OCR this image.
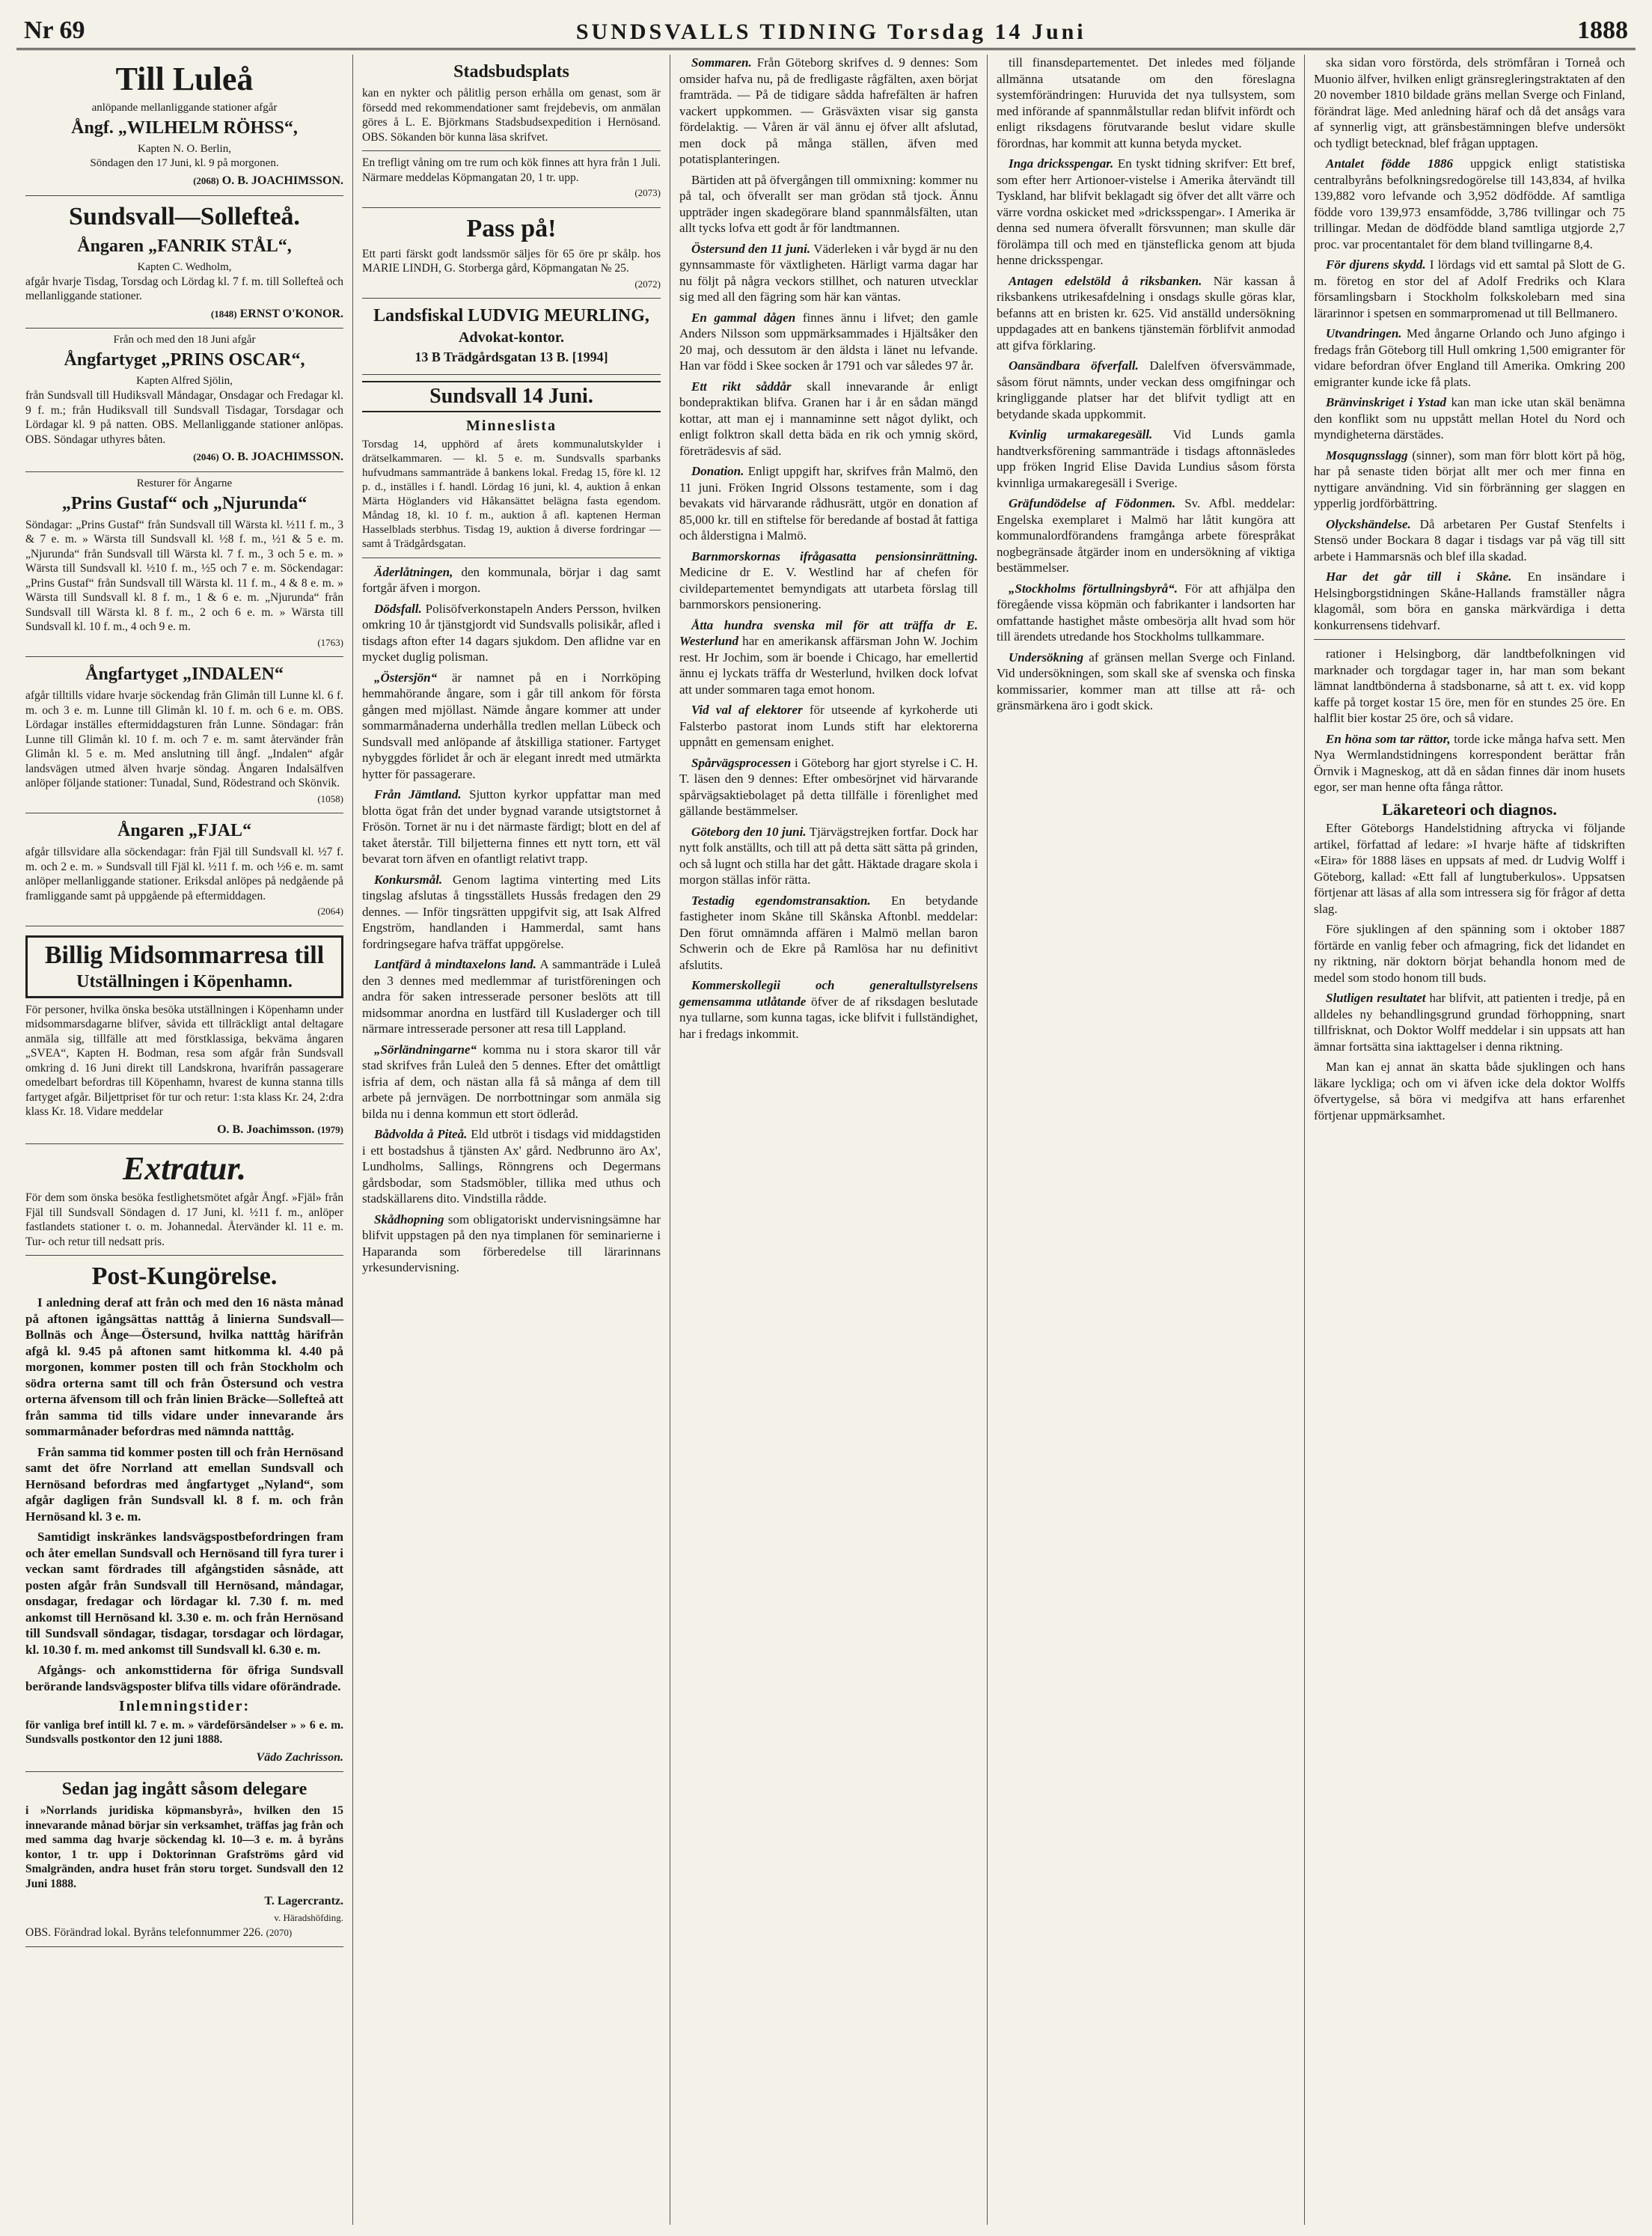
Nr 69	SUNDSVALLS TIDNING Torsdag 14 Juni	1888
Till Luleå
anlöpande mellanliggande stationer afgår
Ångf. „WILHELM RÖHSS“,
Kapten N. O. Berlin,
Söndagen den 17 Juni, kl. 9 på morgonen.
(2068) O. B. JOACHIMSSON.
Sundsvall—Sollefteå.
Ångaren „FANRIK STÅL“,
Kapten C. Wedholm,
afgår hvarje Tisdag, Torsdag och Lördag kl. 7 f. m. till Sollefteå och mellanliggande stationer.
(1848) ERNST O'KONOR.
Från och med den 18 Juni afgår
Ångfartyget „PRINS OSCAR“,
Kapten Alfred Sjölin,
från Sundsvall till Hudiksvall Måndagar, Onsdagar och Fredagar kl. 9 f. m.; från Hudiksvall till Sundsvall Tisdagar, Torsdagar och Lördagar kl. 9 på natten. OBS. Mellanliggande stationer anlöpas. OBS. Söndagar uthyres båten.
(2046) O. B. JOACHIMSSON.
Resturer för Ångarne
„Prins Gustaf“ och „Njurunda“
Söndagar: „Prins Gustaf“ från Sundsvall till Wärsta kl. ½11 f. m., 3 & 7 e. m. » Wärsta till Sundsvall kl. ½8 f. m., ½1 & 5 e. m. „Njurunda“ från Sundsvall till Wärsta kl. 7 f. m., 3 och 5 e. m. » Wärsta till Sundsvall kl. ½10 f. m., ½5 och 7 e. m. Söckendagar: „Prins Gustaf“ från Sundsvall till Wärsta kl. 11 f. m., 4 & 8 e. m. » Wärsta till Sundsvall kl. 8 f. m., 1 & 6 e. m. „Njurunda“ från Sundsvall till Wärsta kl. 8 f. m., 2 och 6 e. m. » Wärsta till Sundsvall kl. 10 f. m., 4 och 9 e. m.
(1763)
Ångfartyget „INDALEN“
afgår tilltills vidare hvarje söckendag från Glimån till Lunne kl. 6 f. m. och 3 e. m. Lunne till Glimån kl. 10 f. m. och 6 e. m. OBS. Lördagar inställes eftermiddagsturen från Lunne. Söndagar: från Lunne till Glimån kl. 10 f. m. och 7 e. m. samt återvänder från Glimån kl. 5 e. m. Med anslutning till ångf. „Indalen“ afgår landsvägen utmed älven hvarje söndag. Ångaren Indalsälfven anlöper följande stationer: Tunadal, Sund, Rödestrand och Skönvik.
(1058)
Ångaren „FJAL“
afgår tillsvidare alla söckendagar: från Fjäl till Sundsvall kl. ½7 f. m. och 2 e. m. » Sundsvall till Fjäl kl. ½11 f. m. och ½6 e. m. samt anlöper mellanliggande stationer. Eriksdal anlöpes på nedgående på framliggande samt på uppgående på eftermiddagen.
(2064)
Billig Midsommarresa till
Utställningen i Köpenhamn.
För personer, hvilka önska besöka utställningen i Köpenhamn under midsommarsdagarne blifver, såvida ett tillräckligt antal deltagare anmäla sig, tillfälle att med förstklassiga, bekväma ångaren „SVEA“, Kapten H. Bodman, resa som afgår från Sundsvall omkring d. 16 Juni direkt till Landskrona, hvarifrån passagerare omedelbart befordras till Köpenhamn, hvarest de kunna stanna tills fartyget afgår. Biljettpriset för tur och retur: 1:sta klass Kr. 24, 2:dra klass Kr. 18. Vidare meddelar
O. B. Joachimsson. (1979)
Extratur.
För dem som önska besöka festlighetsmötet afgår Ångf. »Fjäl» från Fjäl till Sundsvall Söndagen d. 17 Juni, kl. ½11 f. m., anlöper fastlandets stationer t. o. m. Johannedal. Återvänder kl. 11 e. m. Tur- och retur till nedsatt pris.
Post-Kungörelse.

I anledning deraf att från och med den 16 nästa månad på aftonen igångsättas natttåg å linierna Sundsvall—Bollnäs och Ånge—Östersund, hvilka natttåg härifrån afgå kl. 9.45 på aftonen samt hitkomma kl. 4.40 på morgonen, kommer posten till och från Stockholm och södra orterna samt till och från Östersund och vestra orterna äfvensom till och från linien Bräcke—Sollefteå att från samma tid tills vidare under innevarande års sommarmånader befordras med nämnda natttåg.

Från samma tid kommer posten till och från Hernösand samt det öfre Norrland att emellan Sundsvall och Hernösand befordras med ångfartyget „Nyland“, som afgår dagligen från Sundsvall kl. 8 f. m. och från Hernösand kl. 3 e. m.

Samtidigt inskränkes landsvägspostbefordringen fram och åter emellan Sundsvall och Hernösand till fyra turer i veckan samt fördrades till afgångstiden såsnåde, att posten afgår från Sundsvall till Hernösand, måndagar, onsdagar, fredagar och lördagar kl. 7.30 f. m. med ankomst till Hernösand kl. 3.30 e. m. och från Hernösand till Sundsvall söndagar, tisdagar, torsdagar och lördagar, kl. 10.30 f. m. med ankomst till Sundsvall kl. 6.30 e. m.

Afgångs- och ankomsttiderna för öfriga Sundsvall berörande landsvägsposter blifva tills vidare oförändrade.

Inlemningstider:
för vanliga bref intill kl. 7 e. m. » värdeförsändelser » » 6 e. m. Sundsvalls postkontor den 12 juni 1888.
Vädo Zachrisson.
Sedan jag ingått såsom delegare
i »Norrlands juridiska köpmansbyrå», hvilken den 15 innevarande månad börjar sin verksamhet, träffas jag från och med samma dag hvarje söckendag kl. 10—3 e. m. å byråns kontor, 1 tr. upp i Doktorinnan Grafströms gård vid Smalgränden, andra huset från storu torget. Sundsvall den 12 Juni 1888.
T. Lagercrantz.
v. Häradshöfding.
OBS. Förändrad lokal. Byråns telefonnummer 226. (2070)
Stadsbudsplats
kan en nykter och pålitlig person erhålla om genast, som är försedd med rekommendationer samt frejdebevis, om anmälan göres å L. E. Björkmans Stadsbudsexpedition i Hernösand. OBS. Sökanden bör kunna läsa skrifvet.
En trefligt våning om tre rum och kök finnes att hyra från 1 Juli. Närmare meddelas Köpmangatan 20, 1 tr. upp.
(2073)
Pass på!
Ett parti färskt godt landssmör säljes för 65 öre pr skålp. hos MARIE LINDH, G. Storberga gård, Köpmangatan № 25.
(2072)
Landsfiskal LUDVIG MEURLING,
Advokat-kontor.
13 B Trädgårdsgatan 13 B. [1994]
Sundsvall 14 Juni.
Minneslista
Torsdag 14, upphörd af årets kommunalutskylder i drätselkammaren. — kl. 5 e. m. Sundsvalls sparbanks hufvudmans sammanträde å bankens lokal. Fredag 15, före kl. 12 p. d., inställes i f. handl. Lördag 16 juni, kl. 4, auktion å enkan Märta Höglanders vid Håkansättet belägna fasta egendom. Måndag 18, kl. 10 f. m., auktion å afl. kaptenen Herman Hasselblads sterbhus. Tisdag 19, auktion å diverse fordringar — samt å Trädgårdsgatan.

Äderlåtningen, den kommunala, börjar i dag samt fortgår äfven i morgon.

Dödsfall. Polisöfverkonstapeln Anders Persson, hvilken omkring 10 år tjänstgjordt vid Sundsvalls polisikår, afled i tisdags afton efter 14 dagars sjukdom. Den aflidne var en mycket duglig polisman.

„Östersjön“ är namnet på en i Norrköping hemmahörande ångare, som i går till ankom för första gången med mjöllast. Nämde ångare kommer att under sommarmånaderna underhålla tredlen mellan Lübeck och Sundsvall med anlöpande af åtskilliga stationer. Fartyget nybyggdes förlidet år och är elegant inredt med utmärkta hytter för passagerare.

Från Jämtland. Sjutton kyrkor uppfattar man med blotta ögat från det under bygnad varande utsigtstornet å Frösön. Tornet är nu i det närmaste färdigt; blott en del af taket återstår. Till biljetterna finnes ett nytt torn, ett väl bevarat torn äfven en ofantligt relativt trapp.

Konkursmål. Genom lagtima vinterting med Lits tingslag afslutas å tingsställets Hussås fredagen den 29 dennes. — Inför tingsrätten uppgifvit sig, att Isak Alfred Engström, handlanden i Hammerdal, samt hans fordringsegare hafva träffat uppgörelse.

Lantfärd å mindtaxelons land. A sammanträde i Luleå den 3 dennes med medlemmar af turistföreningen och andra för saken intresserade personer beslöts att till midsommar anordna en lustfärd till Kusladerger och till närmare intresserade personer att resa till Lappland.

„Sörländningarne“ komma nu i stora skaror till vår stad skrifves från Luleå den 5 dennes. Efter det omåttligt isfria af dem, och nästan alla få så många af dem till arbete på jernvägen. De norrbottningar som anmäla sig bilda nu i denna kommun ett stort ödleråd.

Bådvolda å Piteå. Eld utbröt i tisdags vid middagstiden i ett bostadshus å tjänsten Ax' gård. Nedbrunno äro Ax', Lundholms, Sallings, Rönngrens och Degermans gårdsbodar, som Stadsmöbler, tillika med uthus och stadskällarens dito. Vindstilla rådde.

Skådhopning som obligatoriskt undervisningsämne har blifvit uppstagen på den nya timplanen för seminarierne i Haparanda som förberedelse till lärarinnans yrkesundervisning.

Sommaren. Från Göteborg skrifves d. 9 dennes: Som omsider hafva nu, på de fredligaste rågfälten, axen börjat framträda. — På de tidigare sådda hafrefälten är hafren vackert uppkommen. — Gräsväxten visar sig gansta fördelaktig. — Våren är väl ännu ej öfver allt afslutad, men dock på många ställen, äfven med potatisplanteringen.

Bärtiden att på öfvergången till ommixning: kommer nu på tal, och öfverallt ser man grödan stå tjock. Ännu uppträder ingen skadegörare bland spannmålsfälten, utan allt tycks lofva ett godt år för landtmannen.

Östersund den 11 juni. Väderleken i vår bygd är nu den gynnsammaste för växtligheten. Härligt varma dagar har nu följt på några veckors stillhet, och naturen utvecklar sig med all den fägring som här kan väntas.

En gammal dågen finnes ännu i lifvet; den gamle Anders Nilsson som uppmärksammades i Hjältsåker den 20 maj, och dessutom är den äldsta i länet nu lefvande. Han var född i Skee socken år 1791 och var således 97 år.

Ett rikt såddår skall innevarande år enligt bondepraktikan blifva. Granen har i år en sådan mängd kottar, att man ej i mannaminne sett något dylikt, och enligt folktron skall detta bäda en rik och ymnig skörd, företrädesvis af säd.

Donation. Enligt uppgift har, skrifves från Malmö, den 11 juni. Fröken Ingrid Olssons testamente, som i dag bevakats vid härvarande rådhusrätt, utgör en donation af 85,000 kr. till en stiftelse för beredande af bostad åt fattiga och ålderstigna i Malmö.

Barnmorskornas ifrågasatta pensionsinrättning. Medicine dr E. V. Westlind har af chefen för civildepartementet bemyndigats att utarbeta förslag till barnmorskors pensionering.

Åtta hundra svenska mil för att träffa dr E. Westerlund har en amerikansk affärsman John W. Jochim rest. Hr Jochim, som är boende i Chicago, har emellertid ännu ej lyckats träffa dr Westerlund, hvilken dock lofvat att under sommaren taga emot honom.

Vid val af elektorer för utseende af kyrkoherde uti Falsterbo pastorat inom Lunds stift har elektorerna uppnått en gemensam enighet.

Spårvägsprocessen i Göteborg har gjort styrelse i C. H. T. läsen den 9 dennes: Efter ombesörjnet vid härvarande spårvägsaktiebolaget på detta tillfälle i förenlighet med gällande bestämmelser.

Göteborg den 10 juni. Tjärvägstrejken fortfar. Dock har nytt folk anställts, och till att på detta sätt sätta på grinden, och så lugnt och stilla har det gått. Häktade dragare skola i morgon ställas inför rätta.

Testadig egendomstransaktion. En betydande fastigheter inom Skåne till Skånska Aftonbl. meddelar: Den förut omnämnda affären i Malmö mellan baron Schwerin och de Ekre på Ramlösa har nu definitivt afslutits.

Kommerskollegii och generaltullstyrelsens gemensamma utlåtande öfver de af riksdagen beslutade nya tullarne, som kunna tagas, icke blifvit i fullständighet, har i fredags inkommit.

till finansdepartementet. Det inledes med följande allmänna utsatande om den föreslagna systemförändringen: Huruvida det nya tullsystem, som med införande af spannmålstullar redan blifvit infördt och enligt riksdagens förutvarande beslut vidare skulle förordnas, har kommit att kunna betyda mycket.

Inga dricksspengar. En tyskt tidning skrifver: Ett bref, som efter herr Artionoer-vistelse i Amerika återvändt till Tyskland, har blifvit beklagadt sig öfver det allt värre och värre vordna oskicket med »dricksspengar». I Amerika är denna sed numera öfverallt försvunnen; man skulle där förolämpa till och med en tjänsteflicka genom att bjuda henne dricksspengar.

Antagen edelstöld å riksbanken. När kassan å riksbankens utrikesafdelning i onsdags skulle göras klar, befanns att en bristen kr. 625. Vid anställd undersökning uppdagades att en bankens tjänstemän förblifvit anmodad att gifva förklaring.

Oansändbara öfverfall. Dalelfven öfversvämmade, såsom förut nämnts, under veckan dess omgifningar och kringliggande platser har det blifvit tydligt att en betydande skada uppkommit.

Kvinlig urmakaregesäll. Vid Lunds gamla handtverksförening sammanträde i tisdags aftonnäsledes upp fröken Ingrid Elise Davida Lundius såsom första kvinnliga urmakaregesäll i Sverige.

Gräfundödelse af Födonmen. Sv. Afbl. meddelar: Engelska exemplaret i Malmö har låtit kungöra att kommunalordförandens framgånga arbete förespråkat nogbegränsade åtgärder inom en undersökning af viktiga bestämmelser.

„Stockholms förtullningsbyrå“. För att afhjälpa den föregående vissa köpmän och fabrikanter i landsorten har omfattande hastighet måste ombesörja allt hvad som hör till ärendets utredande hos Stockholms tullkammare.

Undersökning af gränsen mellan Sverge och Finland. Vid undersökningen, som skall ske af svenska och finska kommissarier, kommer man att tillse att rå- och gränsmärkena äro i godt skick.

ska sidan voro förstörda, dels strömfåran i Torneå och Muonio älfver, hvilken enligt gränsregleringstraktaten af den 20 november 1810 bildade gräns mellan Sverge och Finland, förändrat läge. Med anledning häraf och då det ansågs vara af synnerlig vigt, att gränsbestämningen blefve undersökt och tydligt betecknad, blef frågan upptagen.

Antalet födde 1886 uppgick enligt statistiska centralbyråns befolkningsredogörelse till 143,834, af hvilka 139,882 voro lefvande och 3,952 dödfödde. Af samtliga födde voro 139,973 ensamfödde, 3,786 tvillingar och 75 trillingar. Medan de dödfödde bland samtliga utgjorde 2,7 proc. var procentantalet för dem bland tvillingarne 8,4.

För djurens skydd. I lördags vid ett samtal på Slott de G. m. företog en stor del af Adolf Fredriks och Klara församlingsbarn i Stockholm folkskolebarn med sina lärarinnor i spetsen en sommarpromenad ut till Bellmanero.

Utvandringen. Med ångarne Orlando och Juno afgingo i fredags från Göteborg till Hull omkring 1,500 emigranter för vidare befordran öfver England till Amerika. Omkring 200 emigranter kunde icke få plats.

Bränvinskriget i Ystad kan man icke utan skäl benämna den konflikt som nu uppstått mellan Hotel du Nord och myndigheterna därstädes.

Mosqugnsslagg (sinner), som man förr blott kört på hög, har på senaste tiden börjat allt mer och mer finna en nyttigare användning. Vid sin förbränning ger slaggen en ypperlig jordförbättring.

Olyckshändelse. Då arbetaren Per Gustaf Stenfelts i Stensö under Bockara 8 dagar i tisdags var på väg till sitt arbete i Hammarsnäs och blef illa skadad.

Har det går till i Skåne. En insändare i Helsingborgstidningen Skåne-Hallands framställer några klagomål, som böra en ganska märkvärdiga i detta konkurrensens tidehvarf.

rationer i Helsingborg, där landtbefolkningen vid marknader och torgdagar tager in, har man som bekant lämnat landtbönderna å stadsbonarne, så att t. ex. vid kopp kaffe på torget kostar 15 öre, men för en stundes 25 öre. En halflit bier kostar 25 öre, och så vidare.

En höna som tar rättor, torde icke många hafva sett. Men Nya Wermlandstidningens korrespondent berättar från Örnvik i Magneskog, att då en sådan finnes där inom husets egor, ser man henne ofta fånga råttor.

Läkareteori och diagnos.

Efter Göteborgs Handelstidning aftrycka vi följande artikel, författad af ledare: »I hvarje häfte af tidskriften «Eira» för 1888 läses en uppsats af med. dr Ludvig Wolff i Göteborg, kallad: «Ett fall af lungtuberkulos». Uppsatsen förtjenar att läsas af alla som intressera sig för frågor af detta slag.

Före sjuklingen af den spänning som i oktober 1887 förtärde en vanlig feber och afmagring, fick det lidandet en ny riktning, när doktorn börjat behandla honom med de medel som stodo honom till buds.

Slutligen resultatet har blifvit, att patienten i tredje, på en alldeles ny behandlingsgrund grundad förhoppning, snart tillfrisknat, och Doktor Wolff meddelar i sin uppsats att han ämnar fortsätta sina iakttagelser i denna riktning.

Man kan ej annat än skatta både sjuklingen och hans läkare lyckliga; och om vi äfven icke dela doktor Wolffs öfvertygelse, så böra vi medgifva att hans erfarenhet förtjenar uppmärksamhet.
